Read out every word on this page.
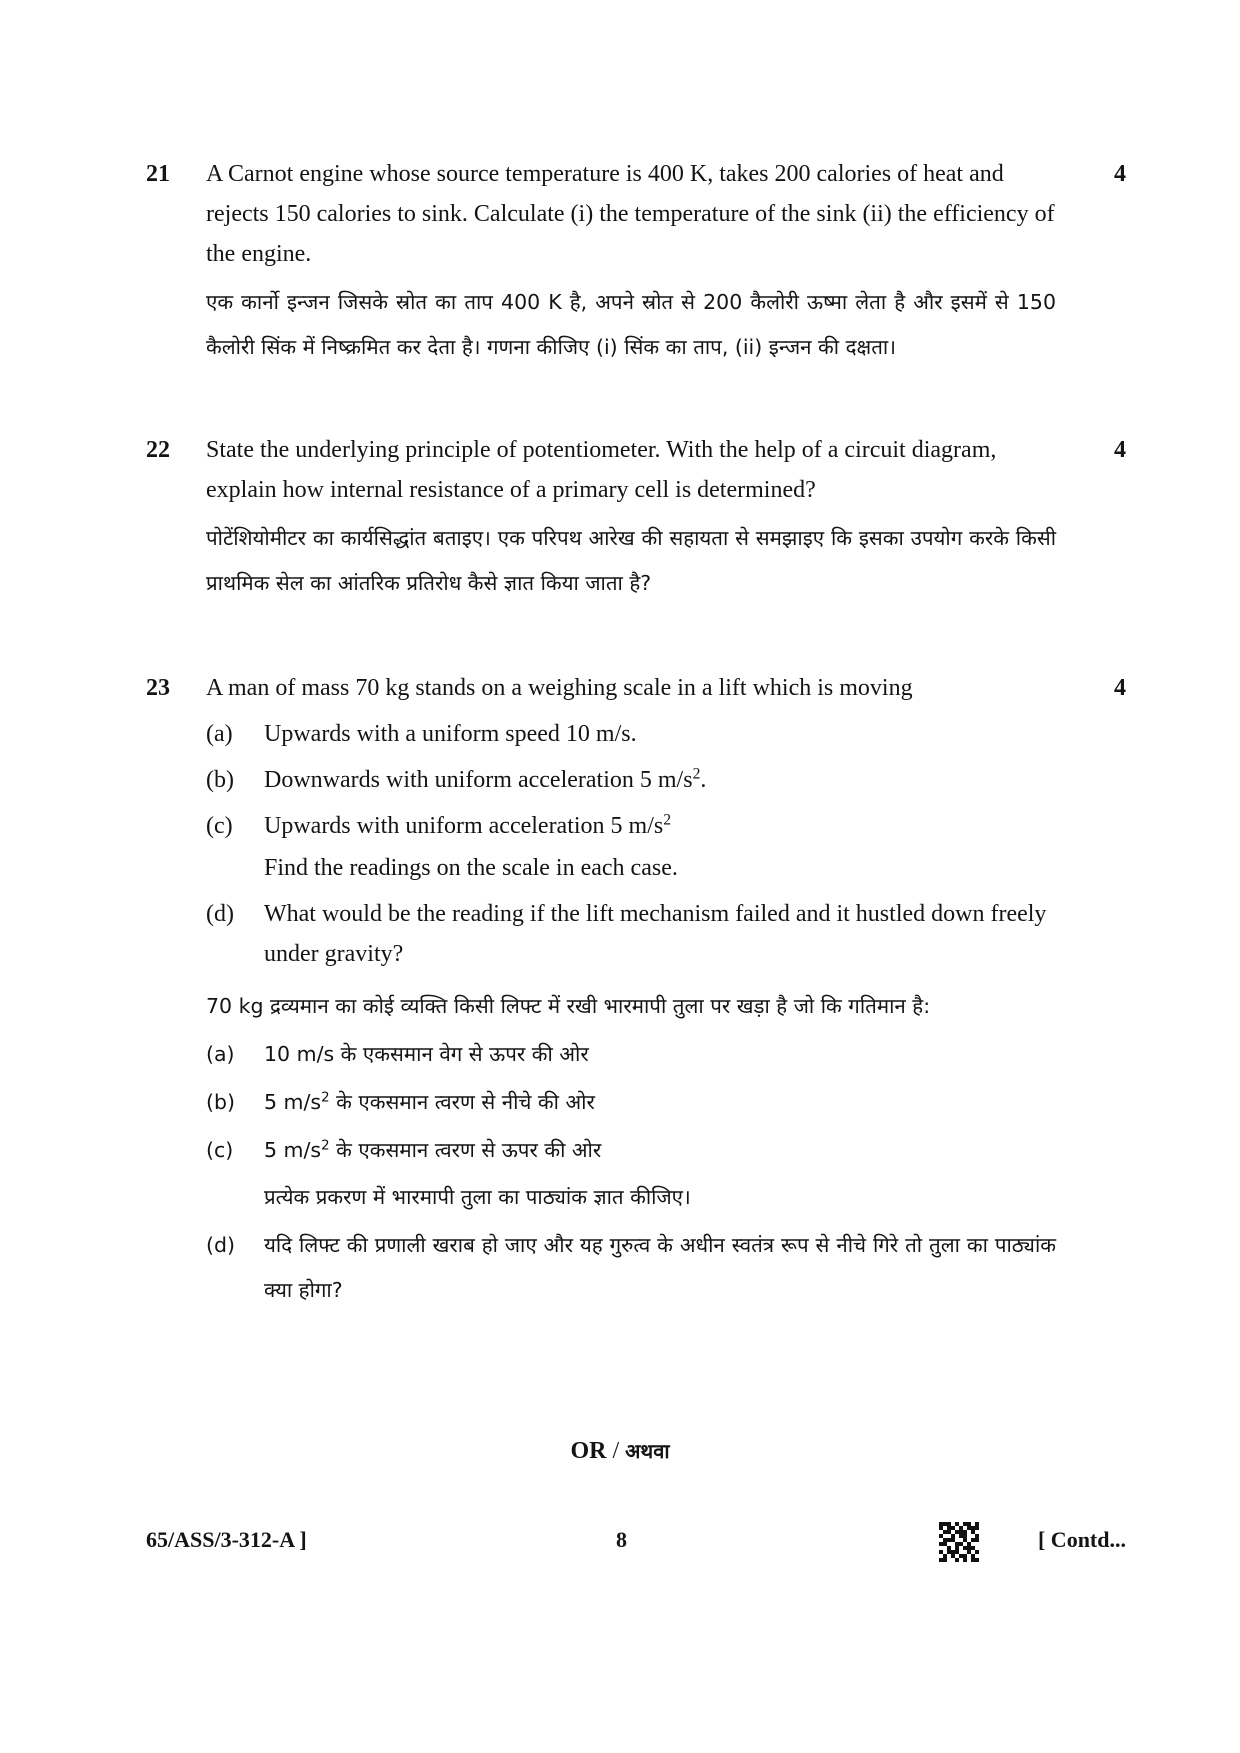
21	4

A Carnot engine whose source temperature is 400 K, takes 200 calories of heat and rejects 150 calories to sink. Calculate (i) the temperature of the sink (ii) the efficiency of the engine.

एक कार्नो इन्जन जिसके स्रोत का ताप 400 K है, अपने स्रोत से 200 कैलोरी ऊष्मा लेता है और इसमें से 150 कैलोरी सिंक में निष्क्रमित कर देता है। गणना कीजिए (i) सिंक का ताप, (ii) इन्जन की दक्षता।

22	4

State the underlying principle of potentiometer. With the help of a circuit diagram, explain how internal resistance of a primary cell is determined?

पोटेंशियोमीटर का कार्यसिद्धांत बताइए। एक परिपथ आरेख की सहायता से समझाइए कि इसका उपयोग करके किसी प्राथमिक सेल का आंतरिक प्रतिरोध कैसे ज्ञात किया जाता है?

23	4

A man of mass 70 kg stands on a weighing scale in a lift which is moving

(a)	Upwards with a uniform speed 10 m/s.
(b)	Downwards with uniform acceleration 5 $m/s^2$.
(c)	Upwards with uniform acceleration 5 $m/s^2$

Find the readings on the scale in each case.

(d)	What would be the reading if the lift mechanism failed and it hustled down freely under gravity?

70 kg द्रव्यमान का कोई व्यक्ति किसी लिफ्ट में रखी भारमापी तुला पर खड़ा है जो कि गतिमान है:

(a)	10 m/s के एकसमान वेग से ऊपर की ओर
(b)	5 $m/s^2$ के एकसमान त्वरण से नीचे की ओर
(c)	5 $m/s^2$ के एकसमान त्वरण से ऊपर की ओर

प्रत्येक प्रकरण में भारमापी तुला का पाठ्यांक ज्ञात कीजिए।

(d)	यदि लिफ्ट की प्रणाली खराब हो जाए और यह गुरुत्व के अधीन स्वतंत्र रूप से नीचे गिरे तो तुला का पाठ्यांक क्या होगा?
OR / अथवा
65/ASS/3-312-A ]	8	[ Contd...
